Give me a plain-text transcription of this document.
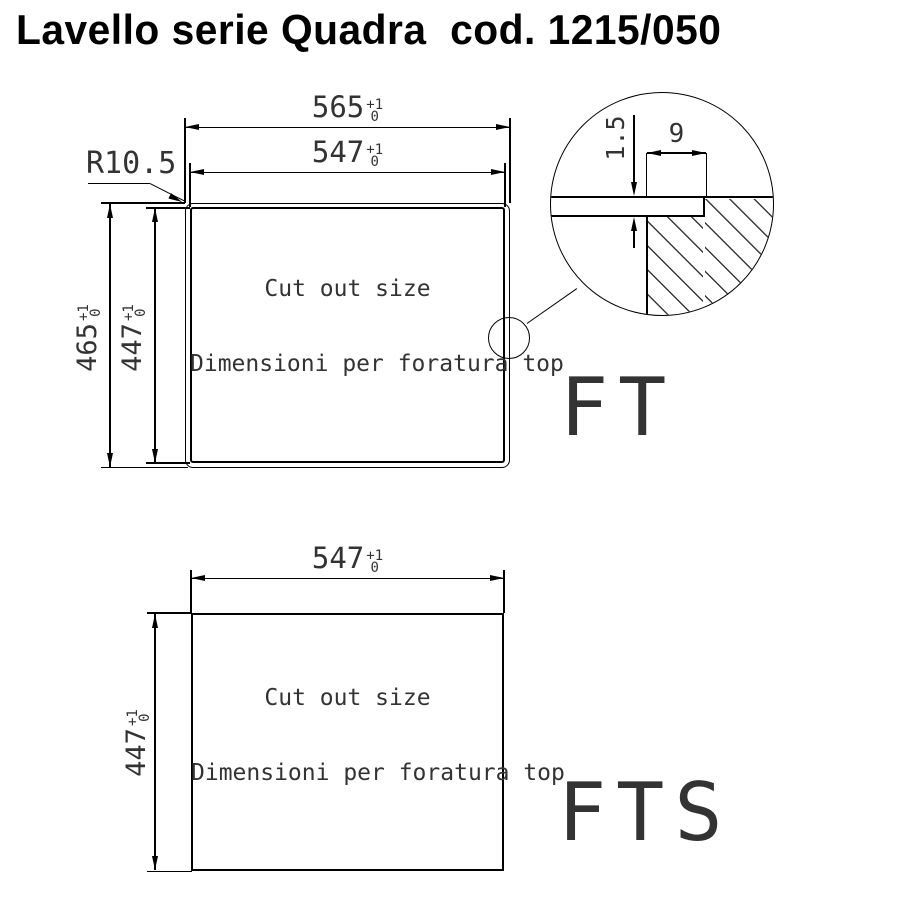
Lavello serie Quadra  cod. 1215/050
565 +1
0
547 +1
0
R10.5
465
+1
0
447
+1
0

Cut out size

Dimensioni per foratura top

FT
9
1.5
547 +1
0
447
+1
0

Cut out size

Dimensioni per foratura top

FTS
